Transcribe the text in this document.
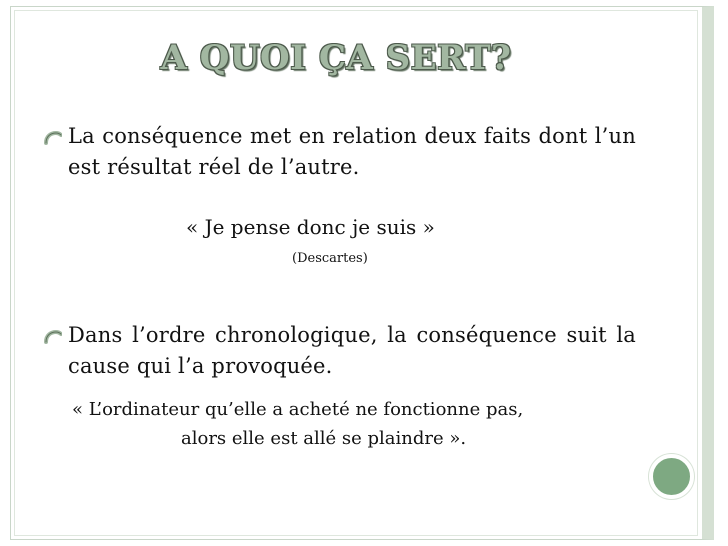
A QUOI ÇA SERT?
La conséquence met en relation deux faits dont l’un est résultat réel de l’autre.
« Je pense donc je suis »
(Descartes)
Dans l’ordre chronologique, la conséquence suit la cause qui l’a provoquée.
« L’ordinateur qu’elle a acheté ne fonctionne pas,
alors elle est allé se plaindre ».
